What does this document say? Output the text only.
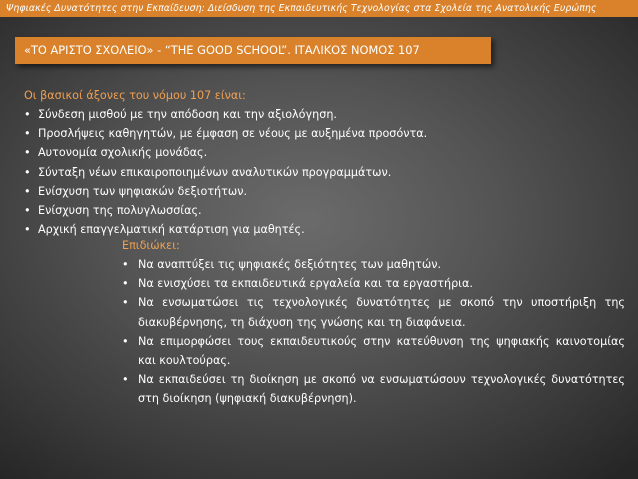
Ψηφιακές Δυνατότητες στην Εκπαίδευση: Διείσδυση της Εκπαιδευτικής Τεχνολογίας στα Σχολεία της Ανατολικής Ευρώπης
«ΤΟ ΑΡΙΣΤΟ ΣΧΟΛΕΙΟ» - “THE GOOD SCHOOL”. ΙΤΑΛΙΚΟΣ ΝΟΜΟΣ 107
Οι βασικοί άξονες του νόμου 107 είναι:
• Σύνδεση μισθού με την απόδοση και την αξιολόγηση.
• Προσλήψεις καθηγητών, με έμφαση σε νέους με αυξημένα προσόντα.
• Αυτονομία σχολικής μονάδας.
• Σύνταξη νέων επικαιροποιημένων αναλυτικών προγραμμάτων.
• Ενίσχυση των ψηφιακών δεξιοτήτων.
• Ενίσχυση της πολυγλωσσίας.
• Αρχική επαγγελματική κατάρτιση για μαθητές.
Επιδιώκει:
• Να αναπτύξει τις ψηφιακές δεξιότητες των μαθητών.
• Να ενισχύσει τα εκπαιδευτικά εργαλεία και τα εργαστήρια.
• Να ενσωματώσει τις τεχνολογικές δυνατότητες με σκοπό την υποστήριξη της διακυβέρνησης, τη διάχυση της γνώσης και τη διαφάνεια.
• Να επιμορφώσει τους εκπαιδευτικούς στην κατεύθυνση της ψηφιακής καινοτομίας και κουλτούρας.
• Να εκπαιδεύσει τη διοίκηση με σκοπό να ενσωματώσουν τεχνολογικές δυνατότητες στη διοίκηση (ψηφιακή διακυβέρνηση).
